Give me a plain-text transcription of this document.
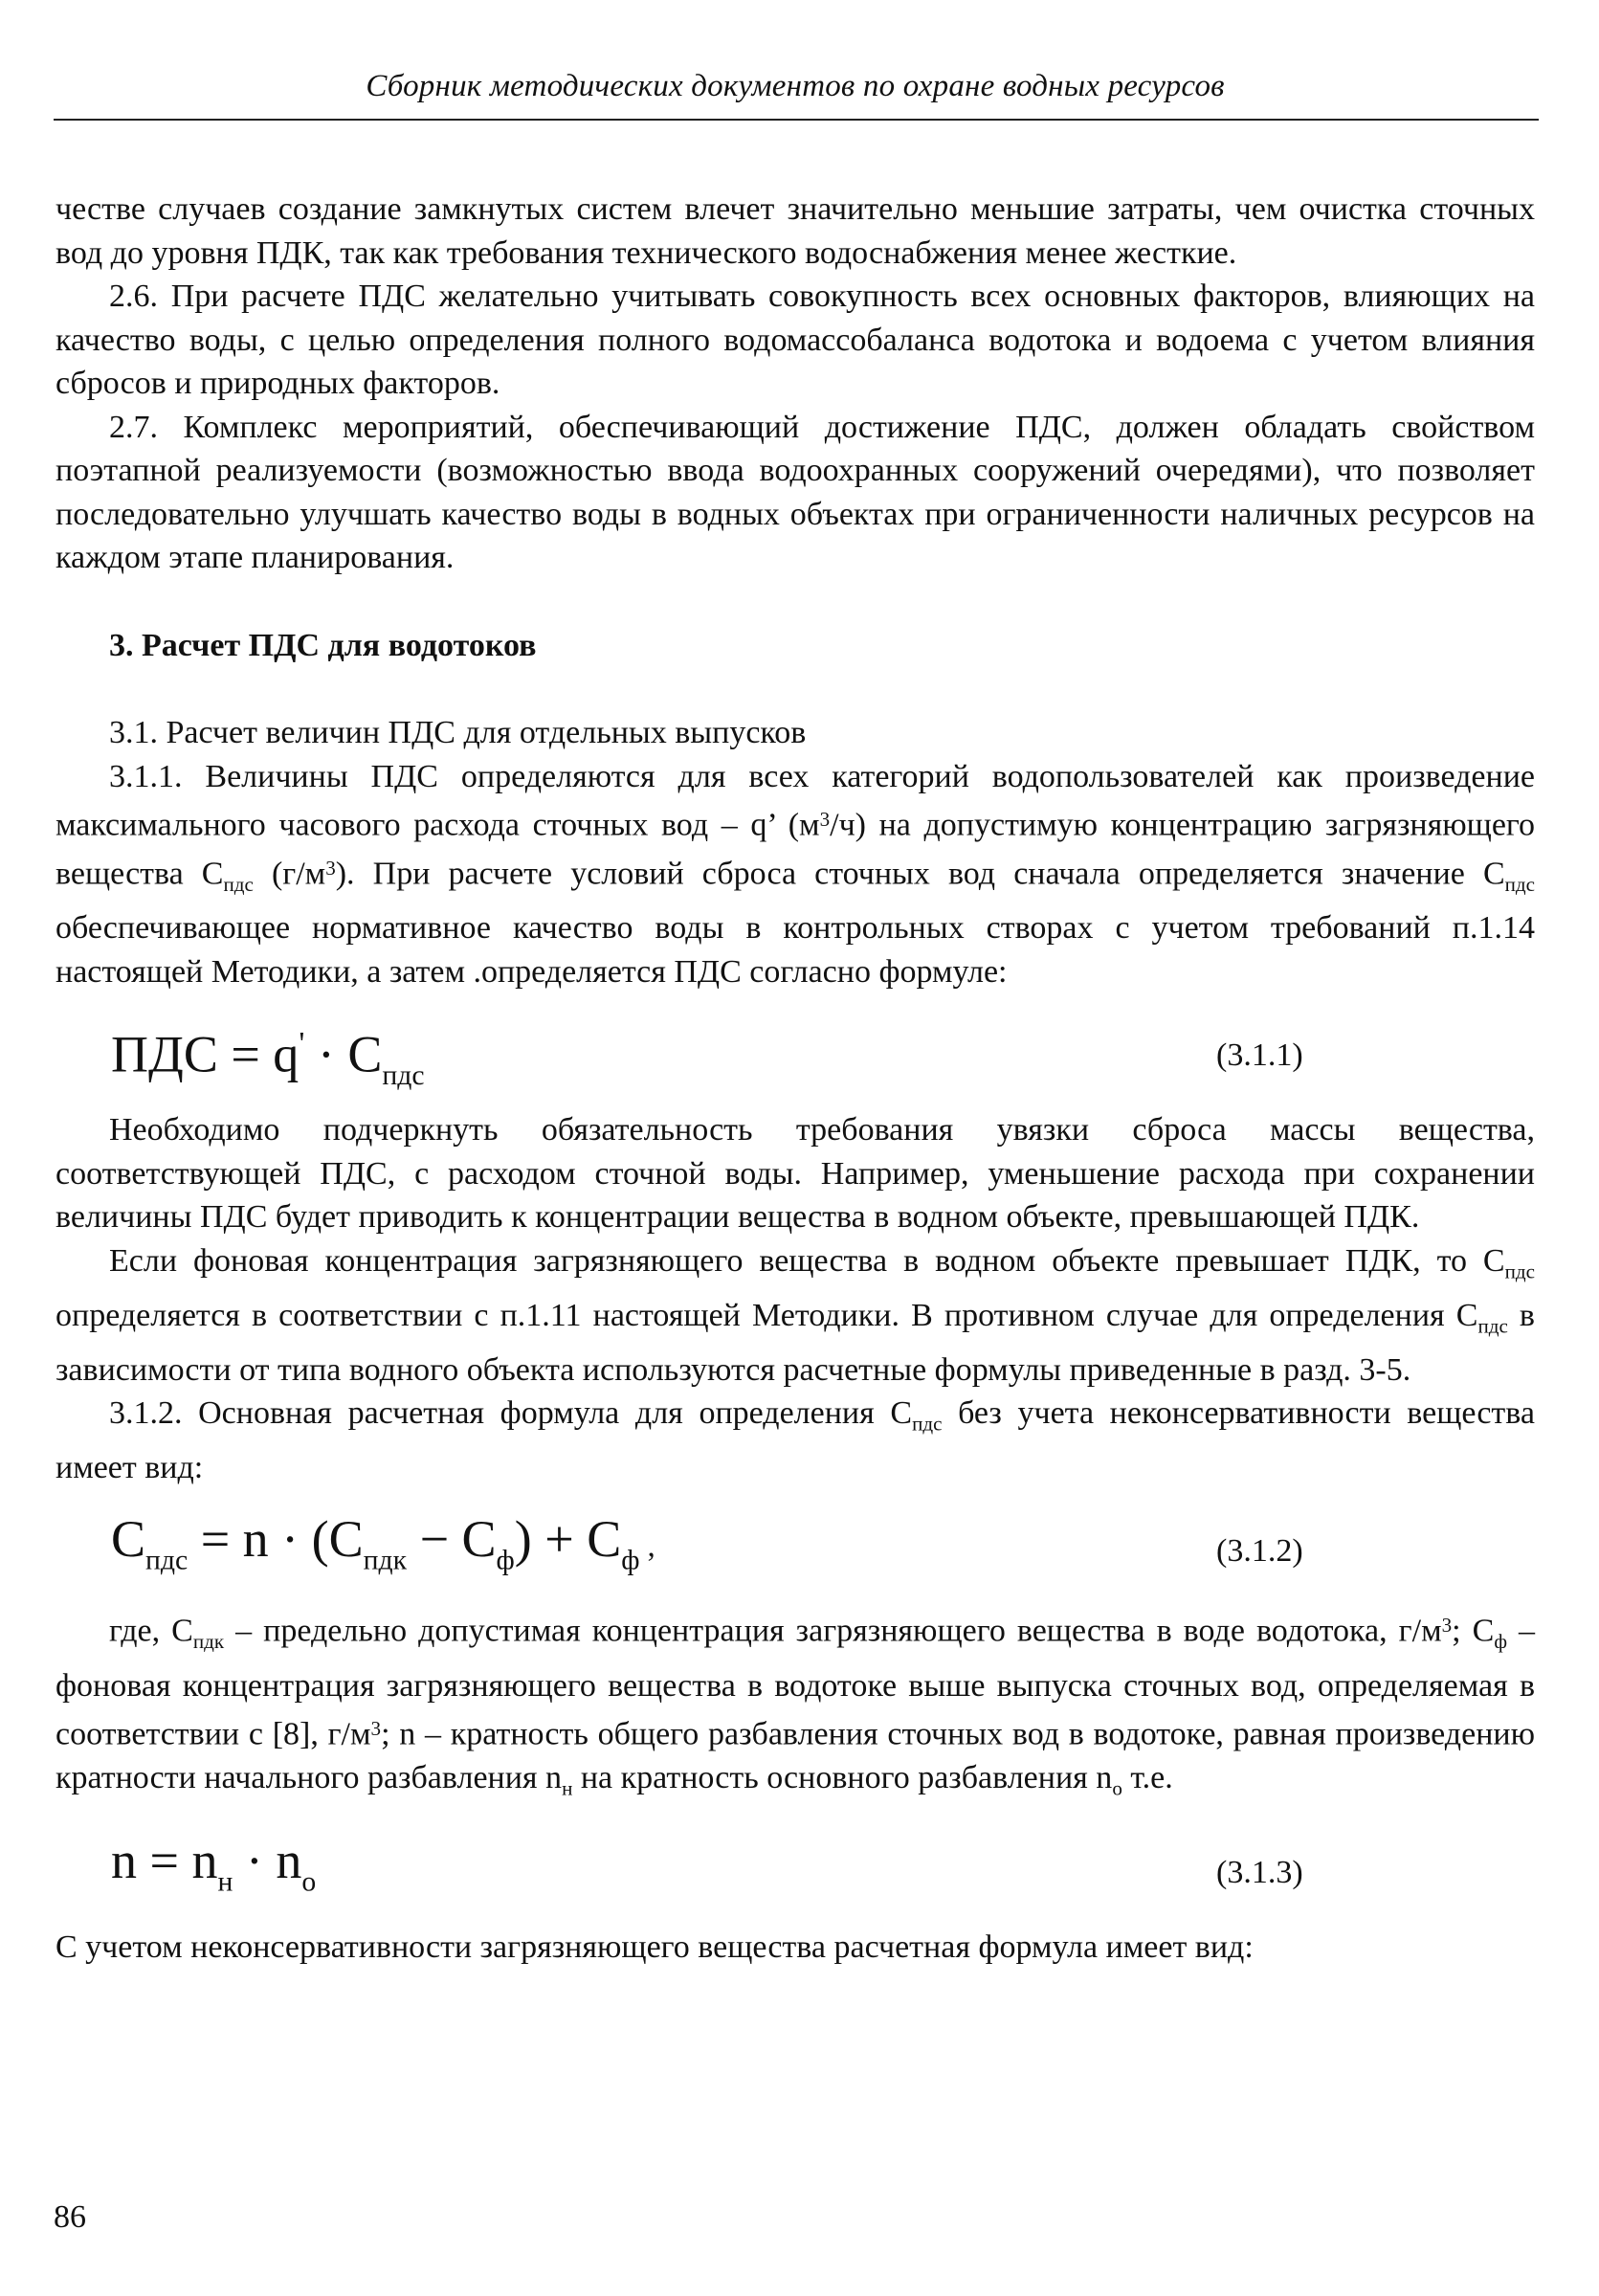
Сборник методических документов по охране водных ресурсов

честве случаев создание замкнутых систем влечет значительно меньшие затраты, чем очистка сточных вод до уровня ПДК, так как требования технического водоснабжения менее жесткие.

2.6. При расчете ПДС желательно учитывать совокупность всех основных факторов, влияющих на качество воды, с целью определения полного водомассобаланса водотока и водоема с учетом влияния сбросов и природных факторов.

2.7. Комплекс мероприятий, обеспечивающий достижение ПДС, должен обладать свойством поэтапной реализуемости (возможностью ввода водоохранных сооружений очередями), что позволяет последовательно улучшать качество воды в водных объектах при ограниченности наличных ресурсов на каждом этапе планирования.

3. Расчет ПДС для водотоков

3.1. Расчет величин ПДС для отдельных выпусков

3.1.1. Величины ПДС определяются для всех категорий водопользователей как произведение максимального часового расхода сточных вод – q’ $(м^3/ч)$ на допустимую концентрацию загрязняющего вещества $С_{пдс}$ $(г/м^3)$. При расчете условий сброса сточных вод сначала определяется значение $С_{пдс}$ обеспечивающее нормативное качество воды в контрольных створах с учетом требований п.1.14 настоящей Методики, а затем .определяется ПДС согласно формуле:

ПДС = $q' \cdot С_{пдс}$
(3.1.1)

Необходимо подчеркнуть обязательность требования увязки сброса массы вещества, соответствующей ПДС, с расходом сточной воды. Например, уменьшение расхода при сохранении величины ПДС будет приводить к концентрации вещества в водном объекте, превышающей ПДК.

Если фоновая концентрация загрязняющего вещества в водном объекте превышает ПДК, то $С_{пдс}$ определяется в соответствии с п.1.11 настоящей Методики. В противном случае для определения $С_{пдс}$ в зависимости от типа водного объекта используются расчетные формулы приведенные в разд. 3-5.

3.1.2. Основная расчетная формула для определения $С_{пдс}$ без учета неконсервативности вещества имеет вид:

$С_{пдс} = n \cdot (С_{пдк} - С_ф) + С_ф$ ,	(3.1.2)

где, $С_{пдк}$ – предельно допустимая концентрация загрязняющего вещества в воде водотока, $г/м^3$; $С_ф$ – фоновая концентрация загрязняющего вещества в водотоке выше выпуска сточных вод, определяемая в соответствии с [8], $г/м^3$; n – кратность общего разбавления сточных вод в водотоке, равная произведению кратности начального разбавления $n_н$ на кратность основного разбавления $n_о$ т.е.

$n = n_н \cdot n_о$	(3.1.3)

С учетом неконсервативности загрязняющего вещества расчетная формула имеет вид:

86
